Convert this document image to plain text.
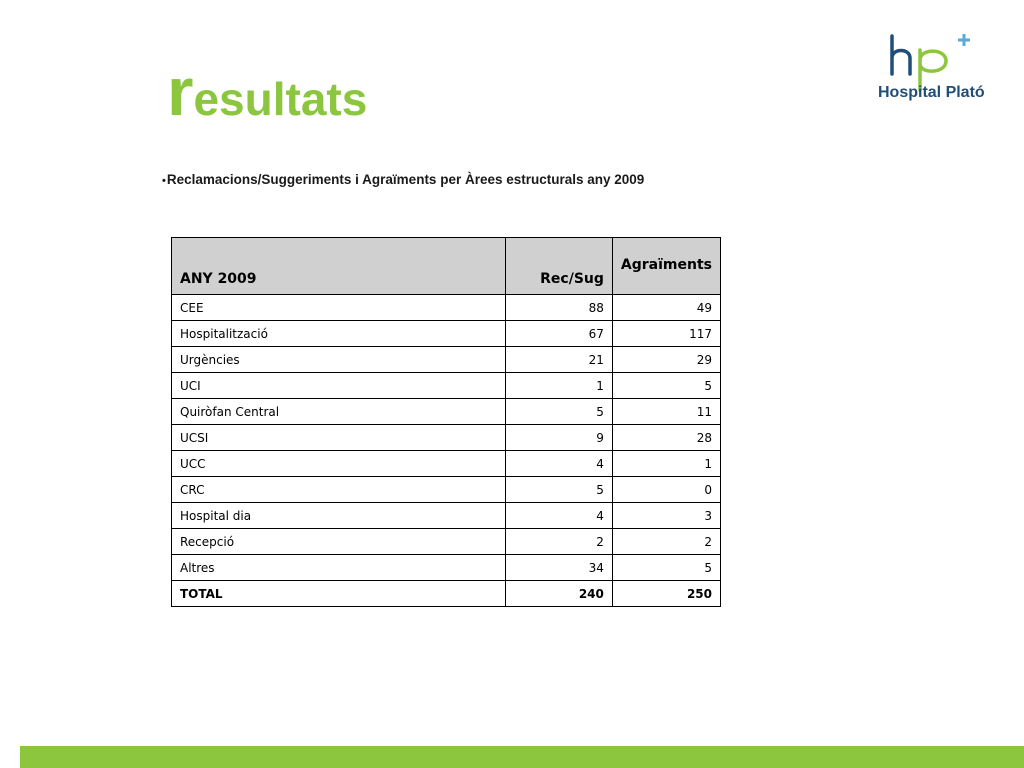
resultats
•Reclamacions/Suggeriments i Agraïments per Àrees estructurals any 2009
Hospital Plató
ANY 2009	Rec/Sug	Agraïments
CEE	88	49
Hospitalització	67	117
Urgències	21	29
UCI	1	5
Quiròfan Central	5	11
UCSI	9	28
UCC	4	1
CRC	5	0
Hospital dia	4	3
Recepció	2	2
Altres	34	5
TOTAL	240	250
